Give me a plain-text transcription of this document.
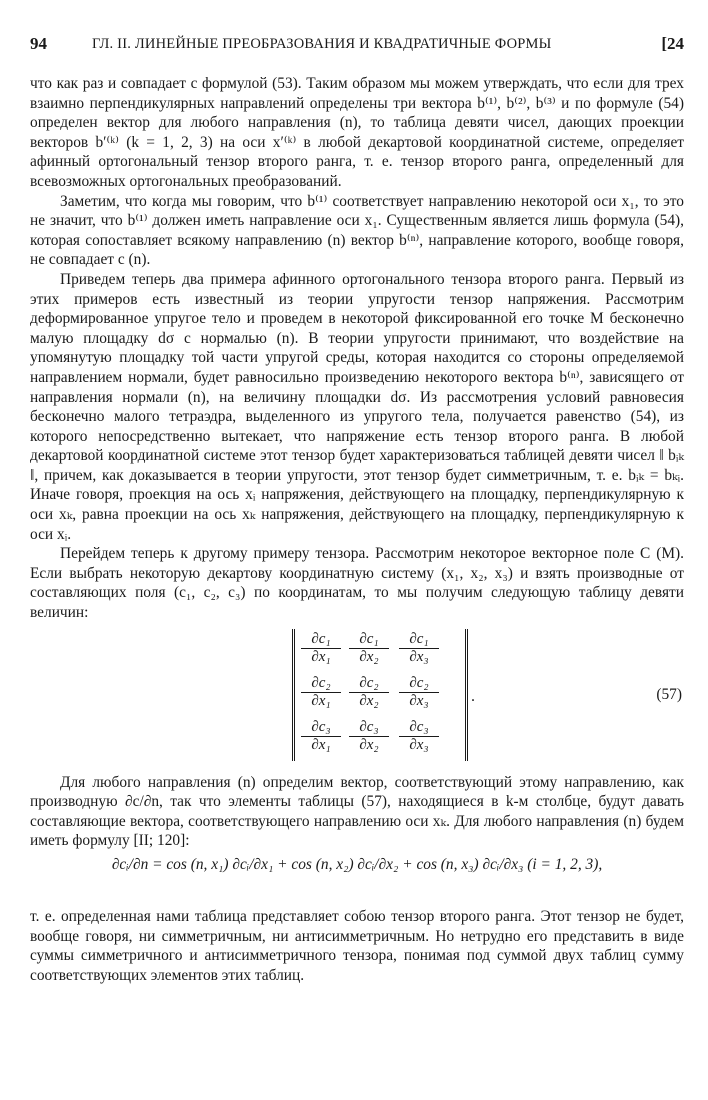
94	ГЛ. II. ЛИНЕЙНЫЕ ПРЕОБРАЗОВАНИЯ И КВАДРАТИЧНЫЕ ФОРМЫ	[24

что как раз и совпадает с формулой (53). Таким образом мы можем утверждать, что если для трех взаимно перпендикулярных направлений определены три вектора b⁽¹⁾, b⁽²⁾, b⁽³⁾ и по формуле (54) определен вектор для любого направления (n), то таблица девяти чисел, дающих проекции векторов b′⁽ᵏ⁾ (k = 1, 2, 3) на оси x′⁽ᵏ⁾ в любой декартовой координатной системе, определяет афинный ортогональный тензор второго ранга, т. е. тензор второго ранга, определенный для всевозможных ортогональных преобразований.

Заметим, что когда мы говорим, что b⁽¹⁾ соответствует направлению некоторой оси x₁, то это не значит, что b⁽¹⁾ должен иметь направление оси x₁. Существенным является лишь формула (54), которая сопоставляет всякому направлению (n) вектор b⁽ⁿ⁾, направление которого, вообще говоря, не совпадает с (n).

Приведем теперь два примера афинного ортогонального тензора второго ранга. Первый из этих примеров есть известный из теории упругости тензор напряжения. Рассмотрим деформированное упругое тело и проведем в некоторой фиксированной его точке M бесконечно малую площадку dσ с нормалью (n). В теории упругости принимают, что воздействие на упомянутую площадку той части упругой среды, которая находится со стороны определяемой направлением нормали, будет равносильно произведению некоторого вектора b⁽ⁿ⁾, зависящего от направления нормали (n), на величину площадки dσ. Из рассмотрения условий равновесия бесконечно малого тетраэдра, выделенного из упругого тела, получается равенство (54), из которого непосредственно вытекает, что напряжение есть тензор второго ранга. В любой декартовой координатной системе этот тензор будет характеризоваться таблицей девяти чисел ‖ bᵢₖ ‖, причем, как доказывается в теории упругости, этот тензор будет симметричным, т. е. bᵢₖ = bₖᵢ. Иначе говоря, проекция на ось xᵢ напряжения, действующего на площадку, перпендикулярную к оси xₖ, равна проекции на ось xₖ напряжения, действующего на площадку, перпендикулярную к оси xᵢ.

Перейдем теперь к другому примеру тензора. Рассмотрим некоторое векторное поле C (M). Если выбрать некоторую декартову координатную систему (x₁, x₂, x₃) и взять производные от составляющих поля (c₁, c₂, c₃) по координатам, то мы получим следующую таблицу девяти величин:

$\frac{\text{∂c₁}}{\text{∂x₁}} \frac{\text{∂c₁}}{\text{∂x₂}} \frac{\text{∂c₁}}{\text{∂x₃}}$
$\frac{\text{∂c₂}}{\text{∂x₁}} \frac{\text{∂c₂}}{\text{∂x₂}} \frac{\text{∂c₂}}{\text{∂x₃}}$
$\frac{\text{∂c₃}}{\text{∂x₁}} \frac{\text{∂c₃}}{\text{∂x₂}} \frac{\text{∂c₃}}{\text{∂x₃}}$
.	(57)

Для любого направления (n) определим вектор, соответствующий этому направлению, как производную ∂c/∂n, так что элементы таблицы (57), находящиеся в k-м столбце, будут давать составляющие вектора, соответствующего направлению оси xₖ. Для любого направления (n) будем иметь формулу [II; 120]:

∂cᵢ/∂n = cos (n, x₁) ∂cᵢ/∂x₁ + cos (n, x₂) ∂cᵢ/∂x₂ + cos (n, x₃) ∂cᵢ/∂x₃ (i = 1, 2, 3),

т. е. определенная нами таблица представляет собою тензор второго ранга. Этот тензор не будет, вообще говоря, ни симметричным, ни антисимметричным. Но нетрудно его представить в виде суммы симметричного и антисимметричного тензора, понимая под суммой двух таблиц сумму соответствующих элементов этих таблиц.
